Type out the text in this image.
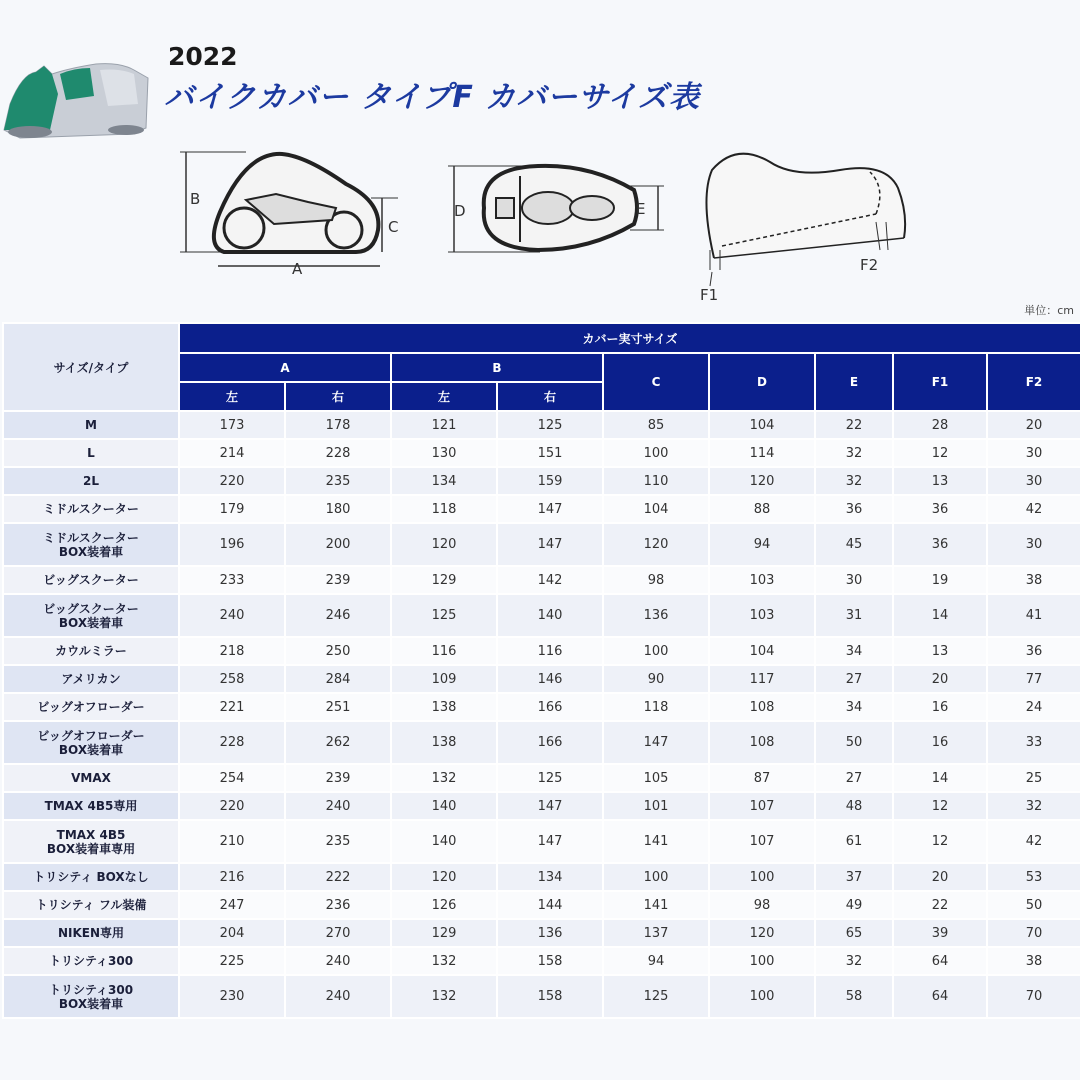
2022
バイクカバー タイプF カバーサイズ表
B
C
A
D	E
F1
F2
単位：cm
サイズ/タイプ	カバー実寸サイズ								
	A		B		C	D	E	F1	F2
	左	右	左	右					
M	173	178	121	125	85	104	22	28	20
L	214	228	130	151	100	114	32	12	30
2L	220	235	134	159	110	120	32	13	30
ミドルスクーター	179	180	118	147	104	88	36	36	42
ミドルスクーター
BOX装着車	196	200	120	147	120	94	45	36	30
ビッグスクーター	233	239	129	142	98	103	30	19	38
ビッグスクーター
BOX装着車	240	246	125	140	136	103	31	14	41
カウルミラー	218	250	116	116	100	104	34	13	36
アメリカン	258	284	109	146	90	117	27	20	77
ビッグオフローダー	221	251	138	166	118	108	34	16	24
ビッグオフローダー
BOX装着車	228	262	138	166	147	108	50	16	33
VMAX	254	239	132	125	105	87	27	14	25
TMAX 4B5専用	220	240	140	147	101	107	48	12	32
TMAX 4B5
BOX装着車専用	210	235	140	147	141	107	61	12	42
トリシティ BOXなし	216	222	120	134	100	100	37	20	53
トリシティ フル装備	247	236	126	144	141	98	49	22	50
NIKEN専用	204	270	129	136	137	120	65	39	70
トリシティ300	225	240	132	158	94	100	32	64	38
トリシティ300
BOX装着車	230	240	132	158	125	100	58	64	70
